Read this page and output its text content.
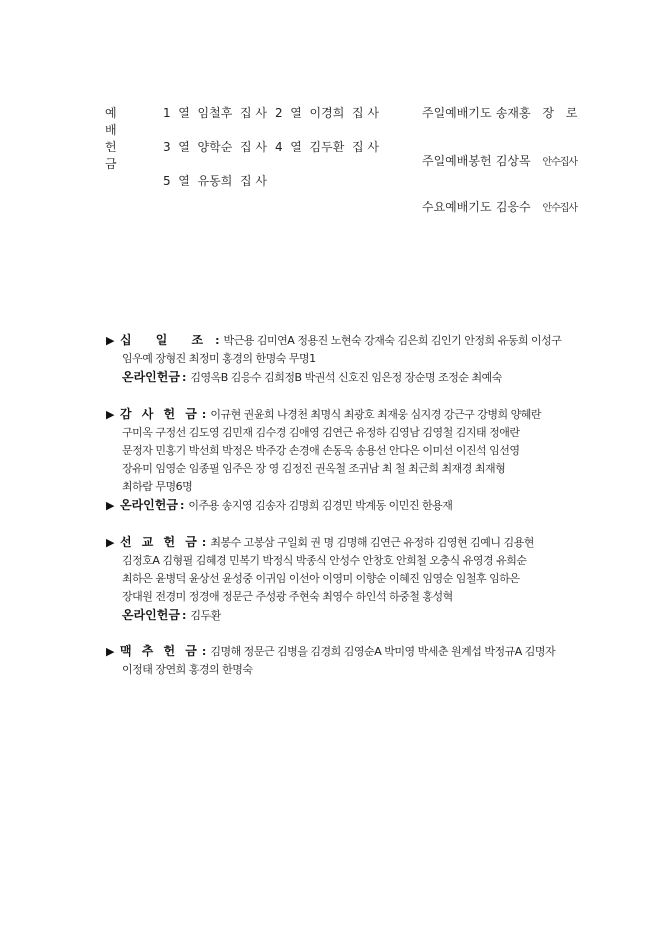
예배헌금
1 열 임철후 집 사 2 열 이경희 집 사
3 열 양학순 집 사 4 열 김두환 집 사
5 열 유동희 집 사
주일예배기도 송재홍 장 로
주일예배봉헌 김상목 안수집사
수요예배기도 김응수 안수집사
▶ 십 일 조 : 박근용 김미연A 정용진 노현숙 강재숙 김은희 김인기 안정희 유동희 이성구
임우예 장형진 최정미 홍경의 한명숙 무명1
온라인헌금 : 김영옥B 김응수 김희정B 박권석 신호진 임은정 장순명 조정순 최예숙
▶ 감 사 헌 금 : 이규현 권윤희 나경천 최명식 최광호 최재웅 심지경 강근구 강병희 양혜란
구미옥 구정선 김도영 김민재 김수경 김애영 김연근 유정하 김영남 김영철 김지태 정애란
문정자 민홍기 박선희 박정은 박주강 손경애 손동욱 송용선 안다은 이미선 이진석 임선영
장유미 임영순 임종필 임주은 장 영 김정진 권옥철 조귀남 최 철 최근희 최재경 최재형
최하람 무명6명
▶ 온라인헌금 : 이주용 송지영 김송자 김명희 김경민 박계동 이민진 한용재
▶ 선 교 헌 금 : 최봉수 고봉삼 구일회 권 명 김명해 김연근 유정하 김영현 김예니 김용현
김정호A 김형필 김혜경 민복기 박정식 박종식 안성수 안창호 안희철 오충식 유영경 유희순
최하은 윤병덕 윤상선 윤성중 이귀임 이선아 이영미 이향순 이혜진 임영순 임철후 임하은
장대원 전경미 정경애 정문근 주성광 주현숙 최영수 하인석 하중철 홍성혁
온라인헌금 : 김두환
▶ 맥 추 헌 금 : 김명해 정문근 김병을 김경희 김영순A 박미영 박세춘 원계섭 박정규A 김명자
이정태 장연희 홍경의 한명숙
